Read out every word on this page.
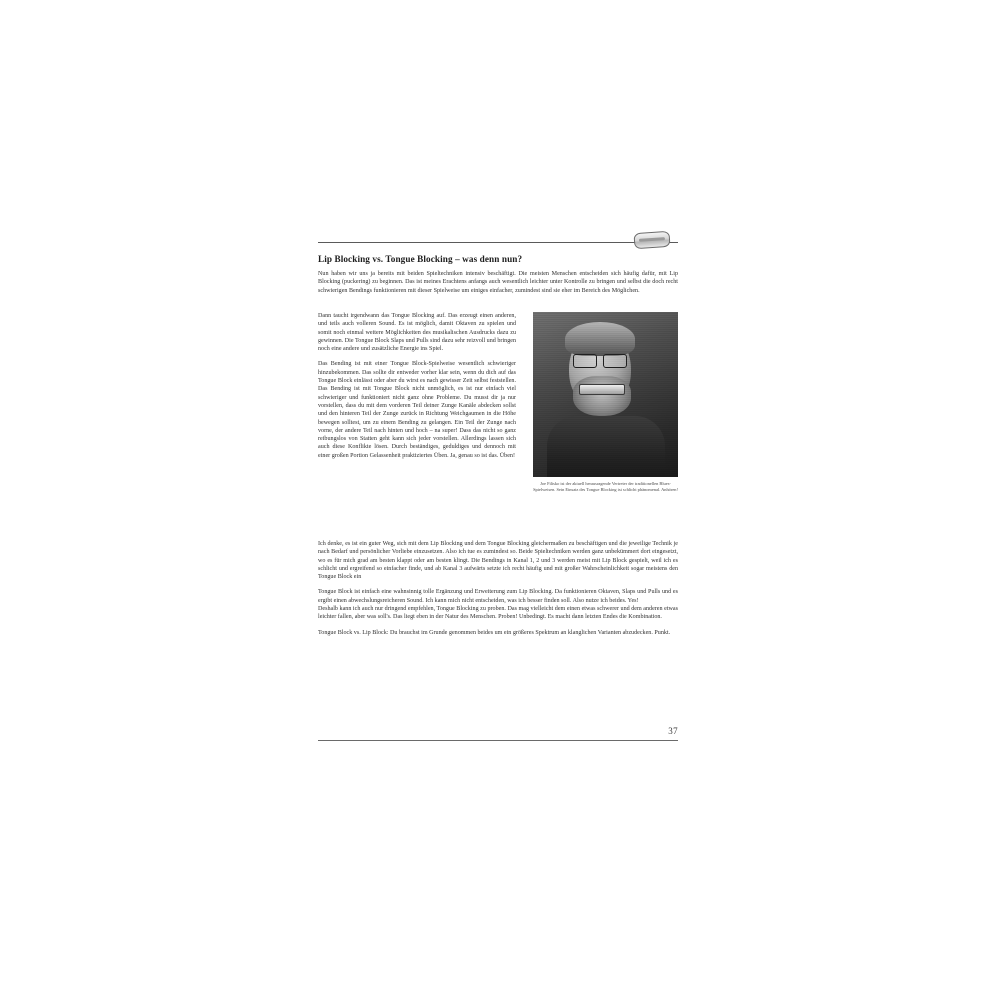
Lip Blocking vs. Tongue Blocking – was denn nun?

Nun haben wir uns ja bereits mit beiden Spieltechniken intensiv beschäftigt. Die meisten Menschen entscheiden sich häufig dafür, mit Lip Blocking (puckering) zu beginnen. Das ist meines Erachtens anfangs auch wesentlich leichter unter Kontrolle zu bringen und selbst die doch recht schwierigen Bendings funktionieren mit dieser Spielweise um einiges einfacher, zumindest sind sie eher im Bereich des Möglichen.

Dann taucht irgendwann das Tongue Blocking auf. Das erzeugt einen anderen, und teils auch volleren Sound. Es ist möglich, damit Oktaven zu spielen und somit noch einmal weitere Möglichkeiten des musikalischen Ausdrucks dazu zu gewinnen. Die Tongue Block Slaps und Pulls sind dazu sehr reizvoll und bringen noch eine andere und zusätzliche Energie ins Spiel.

Das Bending ist mit einer Tongue Block-Spielweise wesentlich schwieriger hinzubekommen. Das sollte dir entweder vorher klar sein, wenn du dich auf das Tongue Block einlässt oder aber du wirst es nach gewisser Zeit selbst feststellen. Das Bending ist mit Tongue Block nicht unmöglich, es ist nur einfach viel schwieriger und funktioniert nicht ganz ohne Probleme. Du musst dir ja nur vorstellen, dass du mit dem vorderen Teil deiner Zunge Kanäle abdecken sollst und den hinteren Teil der Zunge zurück in Richtung Weichgaumen in die Höhe bewegen solltest, um zu einem Bending zu gelangen. Ein Teil der Zunge nach vorne, der andere Teil nach hinten und hoch – na super! Dass das nicht so ganz reibungslos von Statten geht kann sich jeder vorstellen. Allerdings lassen sich auch diese Konflikte lösen. Durch beständiges, geduldiges und dennoch mit einer großen Portion Gelassenheit praktiziertes Üben. Ja, genau so ist das. Üben!

Joe Filisko ist der aktuell herausragende Vertreter der traditionellen Blues-Spielweisen. Sein Einsatz des Tongue Blocking ist schlicht phänomenal. Anhören!

Ich denke, es ist ein guter Weg, sich mit dem Lip Blocking und dem Tongue Blocking gleichermaßen zu beschäftigen und die jeweilige Technik je nach Bedarf und persönlicher Vorliebe einzusetzen. Also ich tue es zumindest so. Beide Spieltechniken werden ganz unbekümmert dort eingesetzt, wo es für mich grad am besten klappt oder am besten klingt. Die Bendings in Kanal 1, 2 und 3 werden meist mit Lip Block gespielt, weil ich es schlicht und ergreifend so einfacher finde, und ab Kanal 3 aufwärts setzte ich recht häufig und mit großer Wahrscheinlichkeit sogar meistens den Tongue Block ein

Tongue Block ist einfach eine wahnsinnig tolle Ergänzung und Erweiterung zum Lip Blocking. Da funktionieren Oktaven, Slaps und Pulls und es ergibt einen abwechslungsreicheren Sound. Ich kann mich nicht entscheiden, was ich besser finden soll. Also nutze ich beides. Yes!

Deshalb kann ich auch nur dringend empfehlen, Tongue Blocking zu proben. Das mag vielleicht dem einen etwas schwerer und dem anderen etwas leichter fallen, aber was soll's. Das liegt eben in der Natur des Menschen. Proben! Unbedingt. Es macht dann letzten Endes die Kombination.

Tongue Block vs. Lip Block: Du brauchst im Grunde genommen beides um ein größeres Spektrum an klanglichen Varianten abzudecken. Punkt.

37
